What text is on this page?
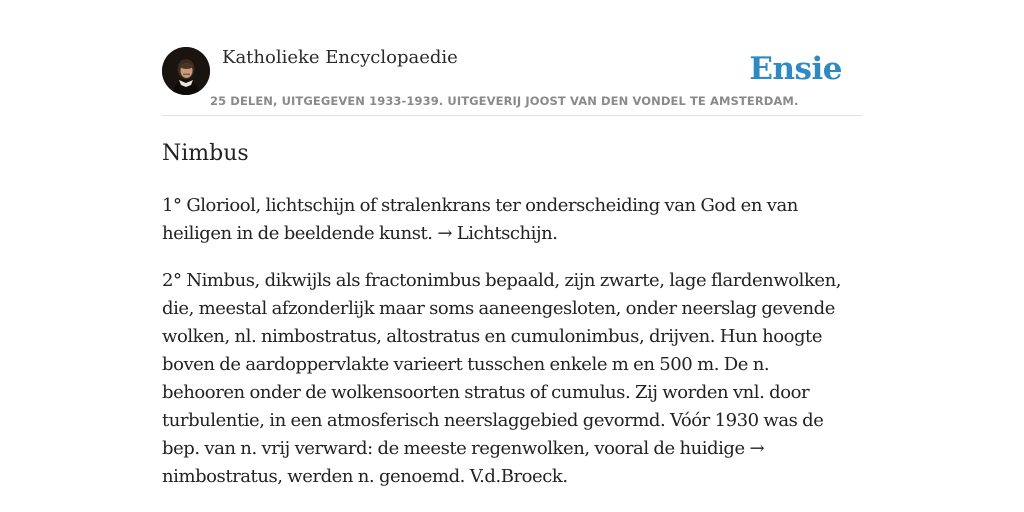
Katholieke Encyclopaedie
25 DELEN, UITGEGEVEN 1933-1939. UITGEVERIJ JOOST VAN DEN VONDEL TE AMSTERDAM.
Ensie
Nimbus

1° Gloriool, lichtschijn of stralenkrans ter onderscheiding van God en van heiligen in de beeldende kunst. → Lichtschijn.

2° Nimbus, dikwijls als fractonimbus bepaald, zijn zwarte, lage flardenwolken, die, meestal afzonderlijk maar soms aaneengesloten, onder neerslag gevende wolken, nl. nimbostratus, altostratus en cumulonimbus, drijven. Hun hoogte boven de aardoppervlakte varieert tusschen enkele m en 500 m. De n. behooren onder de wolkensoorten stratus of cumulus. Zij worden vnl. door turbulentie, in een atmosferisch neerslaggebied gevormd. Vóór 1930 was de bep. van n. vrij verward: de meeste regenwolken, vooral de huidige → nimbostratus, werden n. genoemd. V.d.Broeck.
